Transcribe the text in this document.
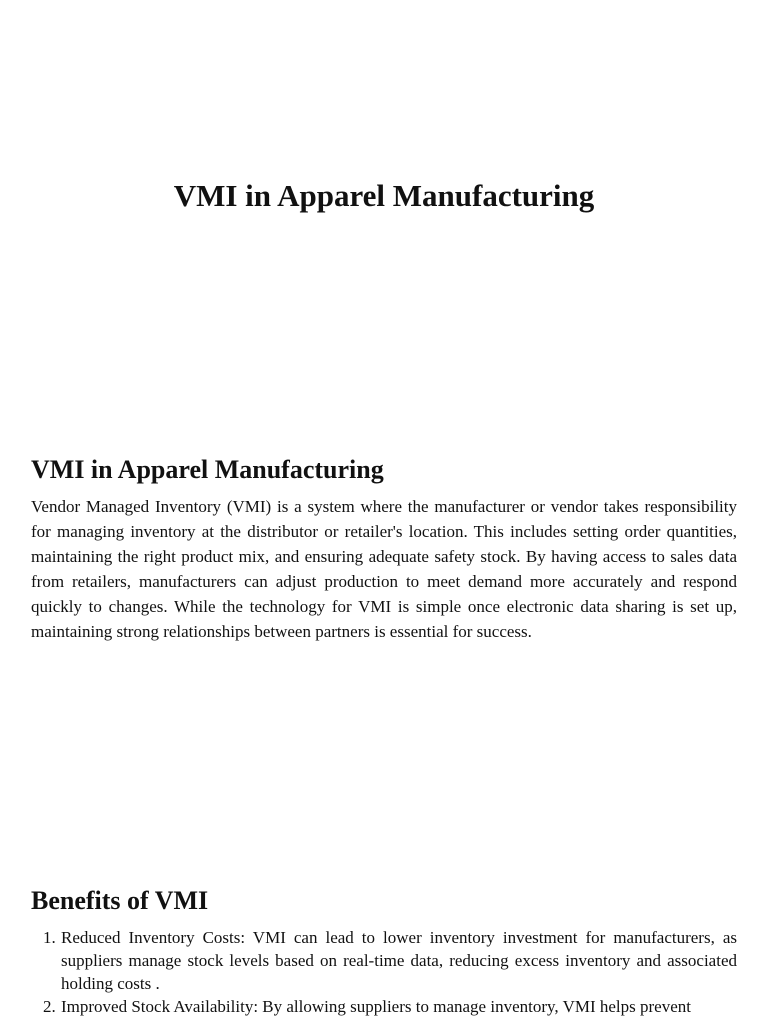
VMI in Apparel Manufacturing
VMI in Apparel Manufacturing

Vendor Managed Inventory (VMI) is a system where the manufacturer or vendor takes responsibility for managing inventory at the distributor or retailer's location. This includes setting order quantities, maintaining the right product mix, and ensuring adequate safety stock. By having access to sales data from retailers, manufacturers can adjust production to meet demand more accurately and respond quickly to changes. While the technology for VMI is simple once electronic data sharing is set up, maintaining strong relationships between partners is essential for success.

Benefits of VMI
1. Reduced Inventory Costs: VMI can lead to lower inventory investment for manufacturers, as suppliers manage stock levels based on real-time data, reducing excess inventory and associated holding costs .
2. Improved Stock Availability: By allowing suppliers to manage inventory, VMI helps prevent
